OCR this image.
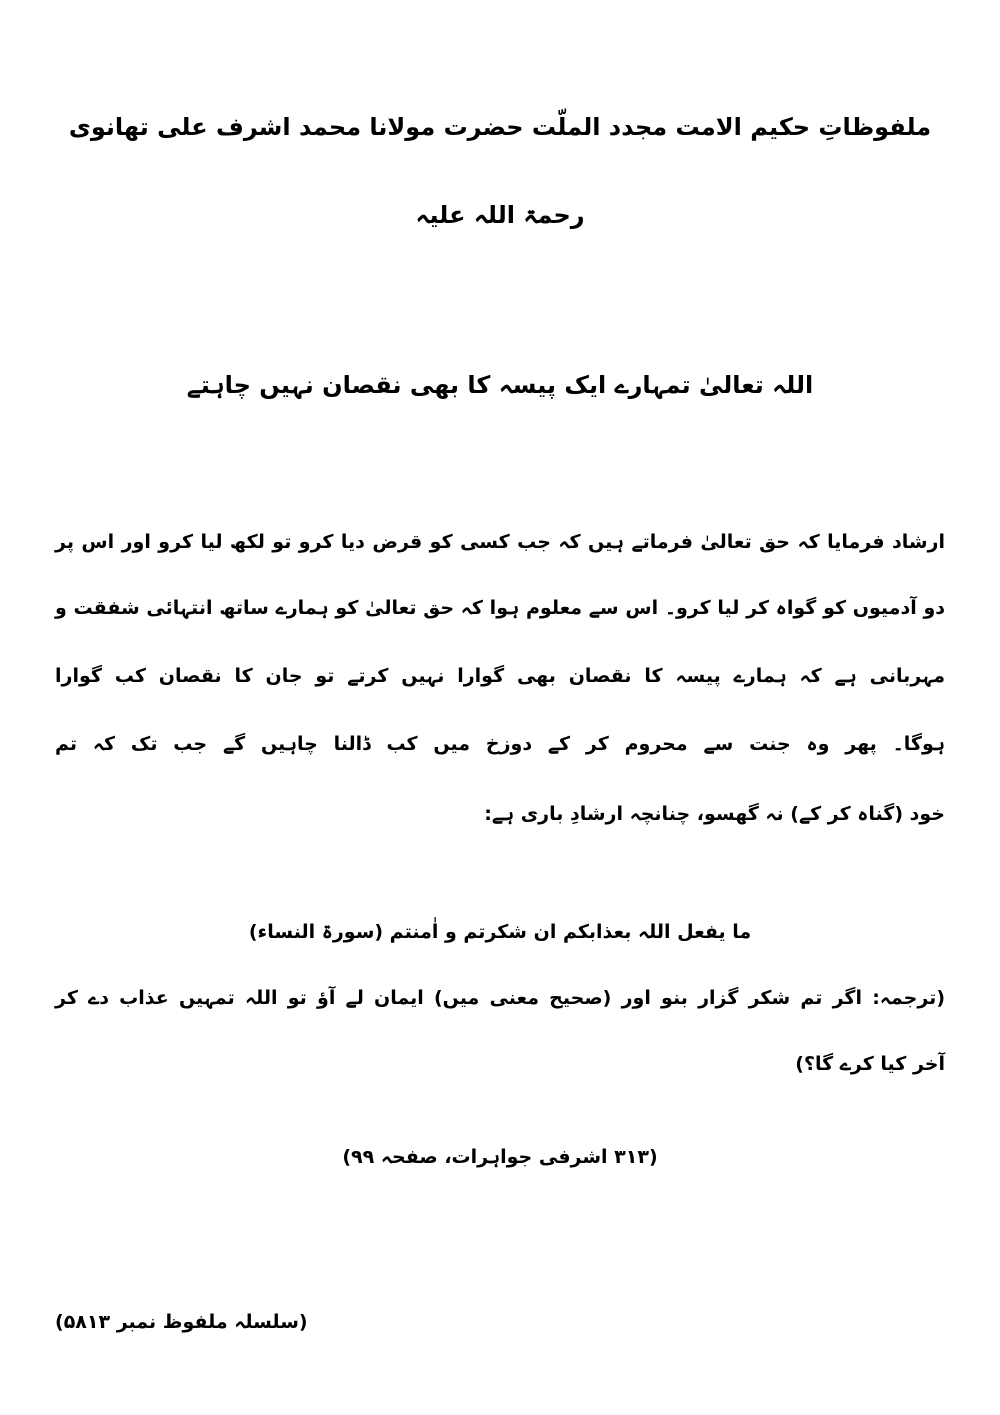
ملفوظاتِ حکیم الامت مجدد الملّت حضرت مولانا محمد اشرف علی تھانوی
رحمۃ اللہ علیہ
اللہ تعالیٰ تمہارے ایک پیسہ کا بھی نقصان نہیں چاہتے
ارشاد فرمایا کہ حق تعالیٰ فرماتے ہیں کہ جب کسی کو قرض دیا کرو تو لکھ لیا کرو اور اس پر
دو آدمیوں کو گواہ کر لیا کرو۔ اس سے معلوم ہوا کہ حق تعالیٰ کو ہمارے ساتھ انتہائی شفقت و
مہربانی ہے کہ ہمارے پیسہ کا نقصان بھی گوارا نہیں کرتے تو جان کا نقصان کب گوارا
ہوگا۔ پھر وہ جنت سے محروم کر کے دوزخ میں کب ڈالنا چاہیں گے جب تک کہ تم
خود (گناہ کر کے) نہ گھسو، چنانچہ ارشادِ باری ہے:
ما یفعل اللہ بعذابکم ان شکرتم و اٰمنتم (سورۃ النساء)
(ترجمہ: اگر تم شکر گزار بنو اور (صحیح معنی میں) ایمان لے آؤ تو اللہ تمہیں عذاب دے کر
آخر کیا کرے گا؟)
(۳۱۳ اشرفی جواہرات، صفحہ ۹۹)
(سلسلہ ملفوظ نمبر ۵۸۱۳)
